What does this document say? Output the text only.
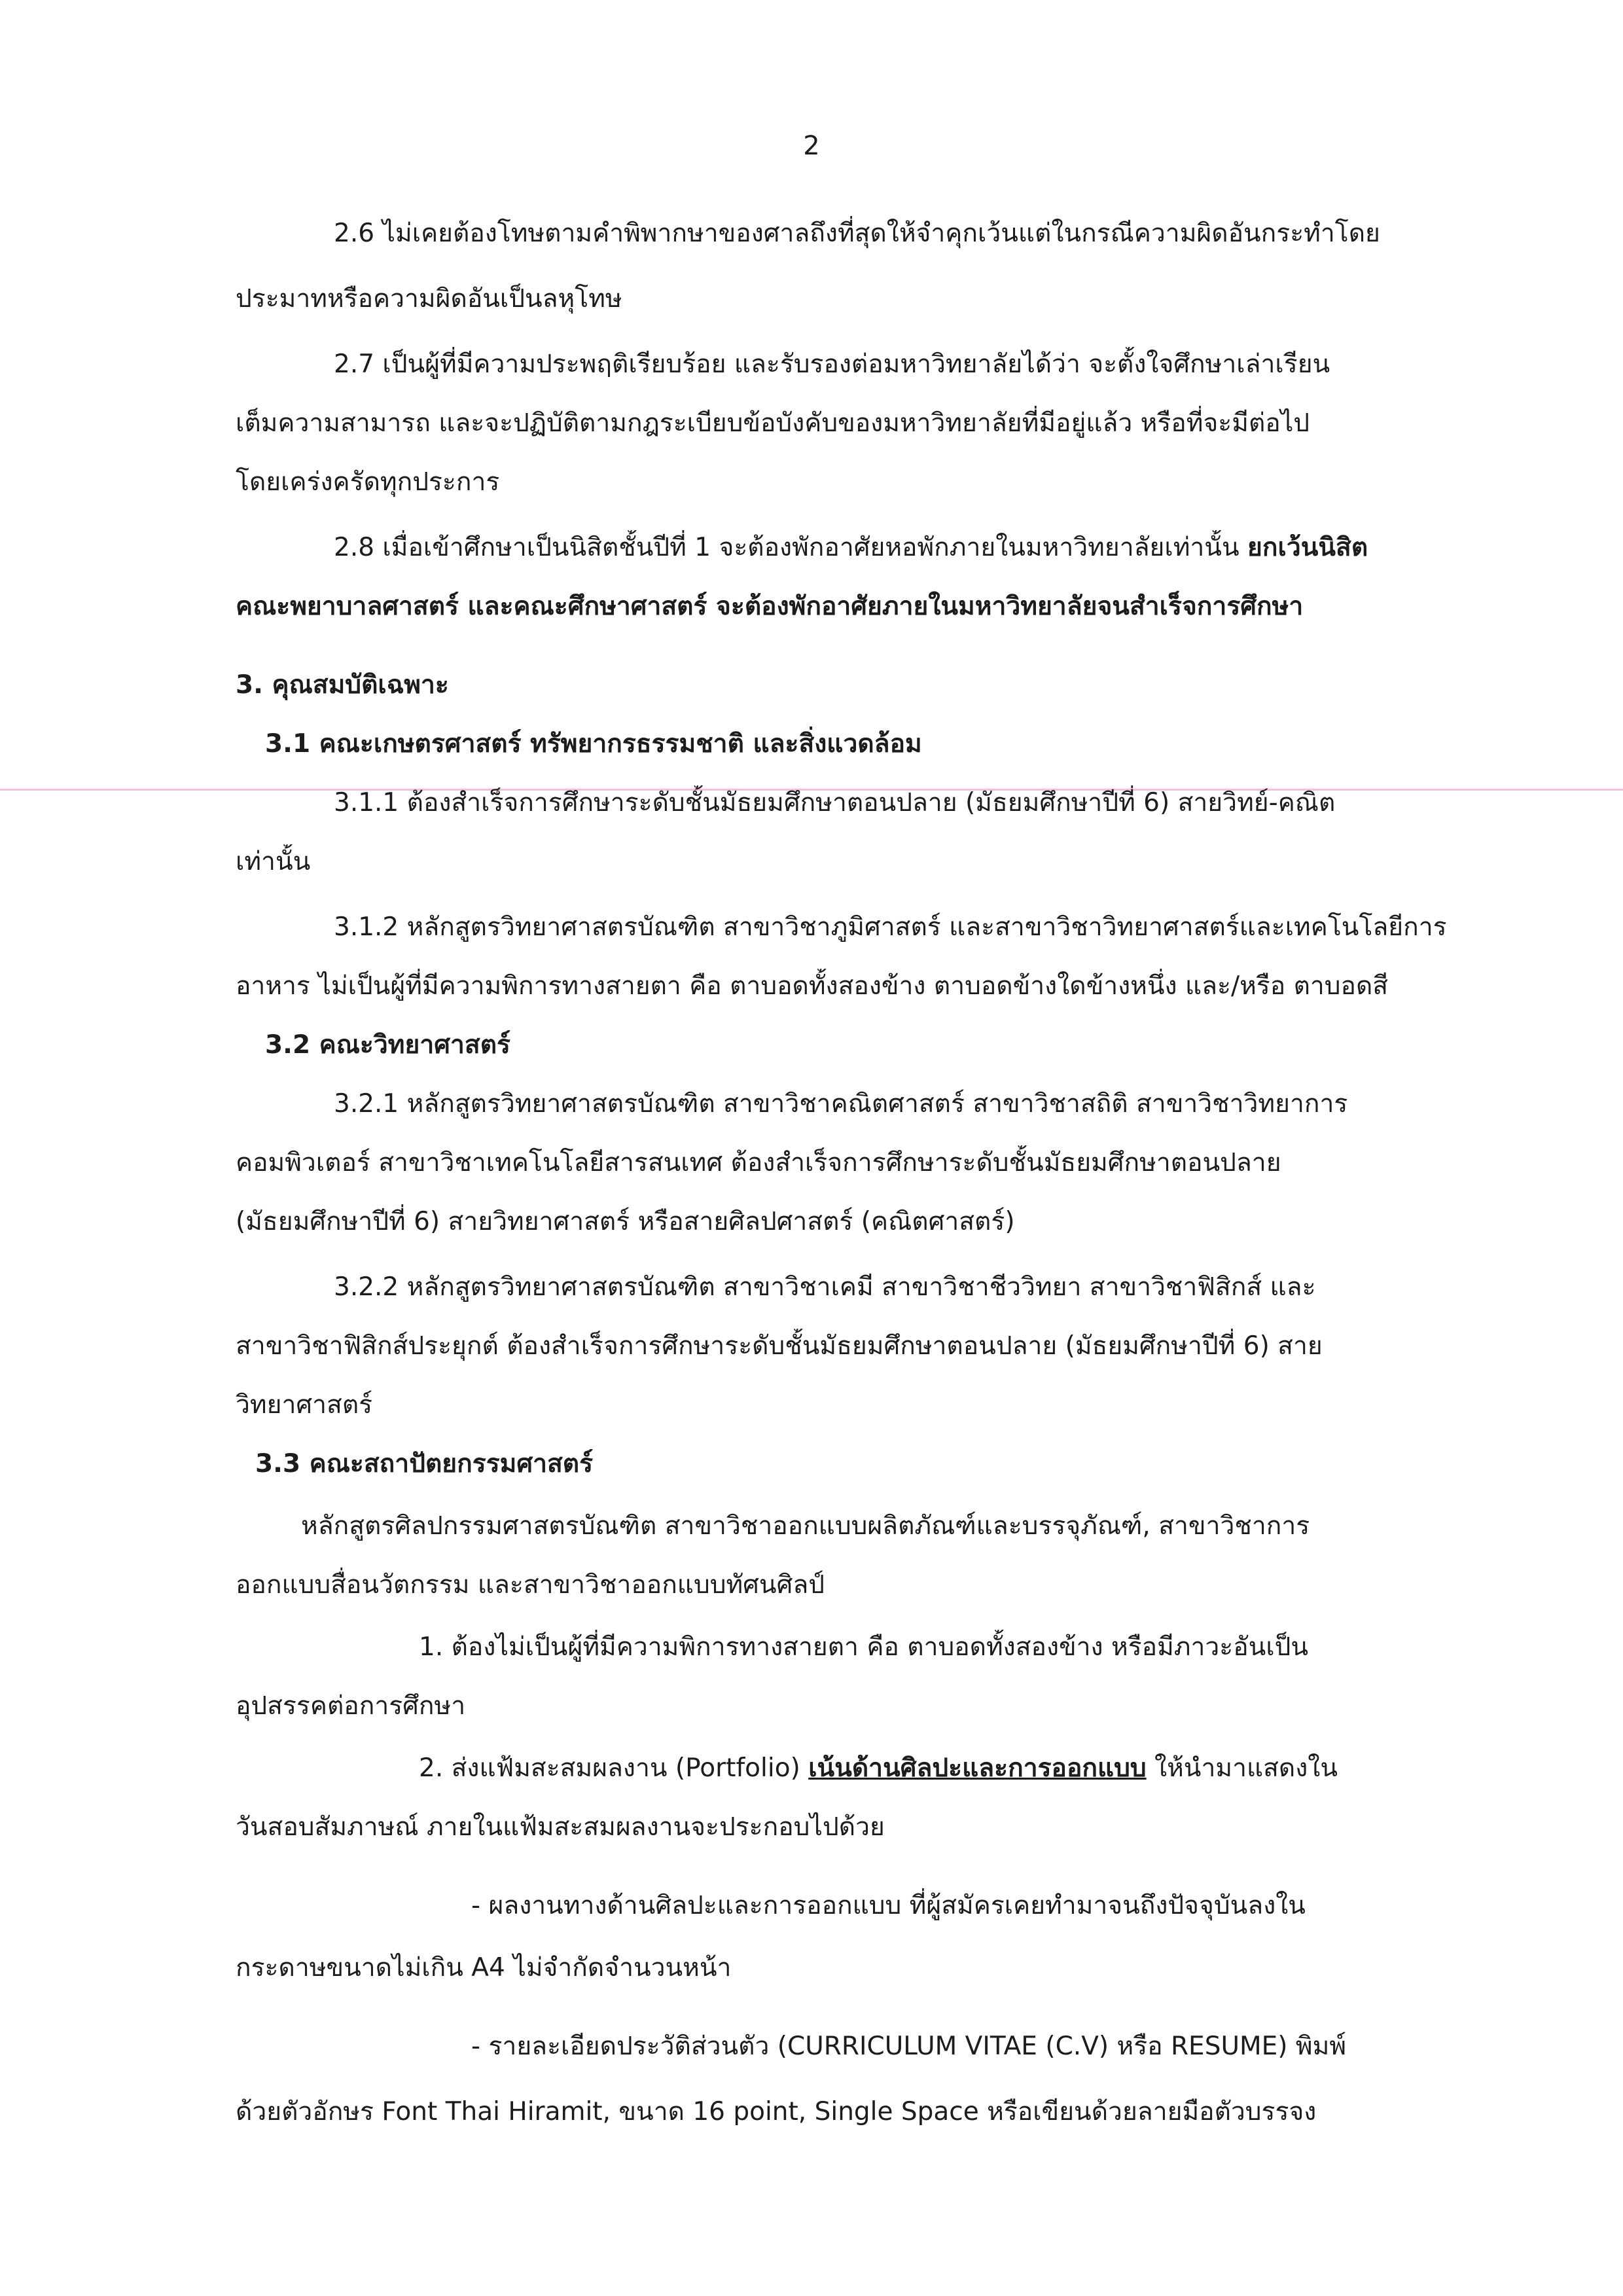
2
2.6 ไม่เคยต้องโทษตามคำพิพากษาของศาลถึงที่สุดให้จำคุกเว้นแต่ในกรณีความผิดอันกระทำโดย
ประมาทหรือความผิดอันเป็นลหุโทษ
2.7 เป็นผู้ที่มีความประพฤติเรียบร้อย และรับรองต่อมหาวิทยาลัยได้ว่า จะตั้งใจศึกษาเล่าเรียน
เต็มความสามารถ และจะปฏิบัติตามกฎระเบียบข้อบังคับของมหาวิทยาลัยที่มีอยู่แล้ว หรือที่จะมีต่อไป
โดยเคร่งครัดทุกประการ
2.8 เมื่อเข้าศึกษาเป็นนิสิตชั้นปีที่ 1 จะต้องพักอาศัยหอพักภายในมหาวิทยาลัยเท่านั้น ยกเว้นนิสิต
คณะพยาบาลศาสตร์ และคณะศึกษาศาสตร์ จะต้องพักอาศัยภายในมหาวิทยาลัยจนสำเร็จการศึกษา
3. คุณสมบัติเฉพาะ
3.1 คณะเกษตรศาสตร์ ทรัพยากรธรรมชาติ และสิ่งแวดล้อม
3.1.1 ต้องสำเร็จการศึกษาระดับชั้นมัธยมศึกษาตอนปลาย (มัธยมศึกษาปีที่ 6) สายวิทย์-คณิต
เท่านั้น
3.1.2 หลักสูตรวิทยาศาสตรบัณฑิต สาขาวิชาภูมิศาสตร์ และสาขาวิชาวิทยาศาสตร์และเทคโนโลยีการ
อาหาร ไม่เป็นผู้ที่มีความพิการทางสายตา คือ ตาบอดทั้งสองข้าง ตาบอดข้างใดข้างหนึ่ง และ/หรือ ตาบอดสี
3.2 คณะวิทยาศาสตร์
3.2.1 หลักสูตรวิทยาศาสตรบัณฑิต สาขาวิชาคณิตศาสตร์ สาขาวิชาสถิติ สาขาวิชาวิทยาการ
คอมพิวเตอร์ สาขาวิชาเทคโนโลยีสารสนเทศ ต้องสำเร็จการศึกษาระดับชั้นมัธยมศึกษาตอนปลาย
(มัธยมศึกษาปีที่ 6) สายวิทยาศาสตร์ หรือสายศิลปศาสตร์ (คณิตศาสตร์)
3.2.2 หลักสูตรวิทยาศาสตรบัณฑิต สาขาวิชาเคมี สาขาวิชาชีววิทยา สาขาวิชาฟิสิกส์ และ
สาขาวิชาฟิสิกส์ประยุกต์ ต้องสำเร็จการศึกษาระดับชั้นมัธยมศึกษาตอนปลาย (มัธยมศึกษาปีที่ 6) สาย
วิทยาศาสตร์
3.3 คณะสถาปัตยกรรมศาสตร์
หลักสูตรศิลปกรรมศาสตรบัณฑิต สาขาวิชาออกแบบผลิตภัณฑ์และบรรจุภัณฑ์, สาขาวิชาการ
ออกแบบสื่อนวัตกรรม และสาขาวิชาออกแบบทัศนศิลป์
1. ต้องไม่เป็นผู้ที่มีความพิการทางสายตา คือ ตาบอดทั้งสองข้าง หรือมีภาวะอันเป็น
อุปสรรคต่อการศึกษา
2. ส่งแฟ้มสะสมผลงาน (Portfolio) เน้นด้านศิลปะและการออกแบบ ให้นำมาแสดงใน
วันสอบสัมภาษณ์ ภายในแฟ้มสะสมผลงานจะประกอบไปด้วย
- ผลงานทางด้านศิลปะและการออกแบบ ที่ผู้สมัครเคยทำมาจนถึงปัจจุบันลงใน
กระดาษขนาดไม่เกิน A4 ไม่จำกัดจำนวนหน้า
- รายละเอียดประวัติส่วนตัว (CURRICULUM VITAE (C.V) หรือ RESUME) พิมพ์
ด้วยตัวอักษร Font Thai Hiramit, ขนาด 16 point, Single Space หรือเขียนด้วยลายมือตัวบรรจง
